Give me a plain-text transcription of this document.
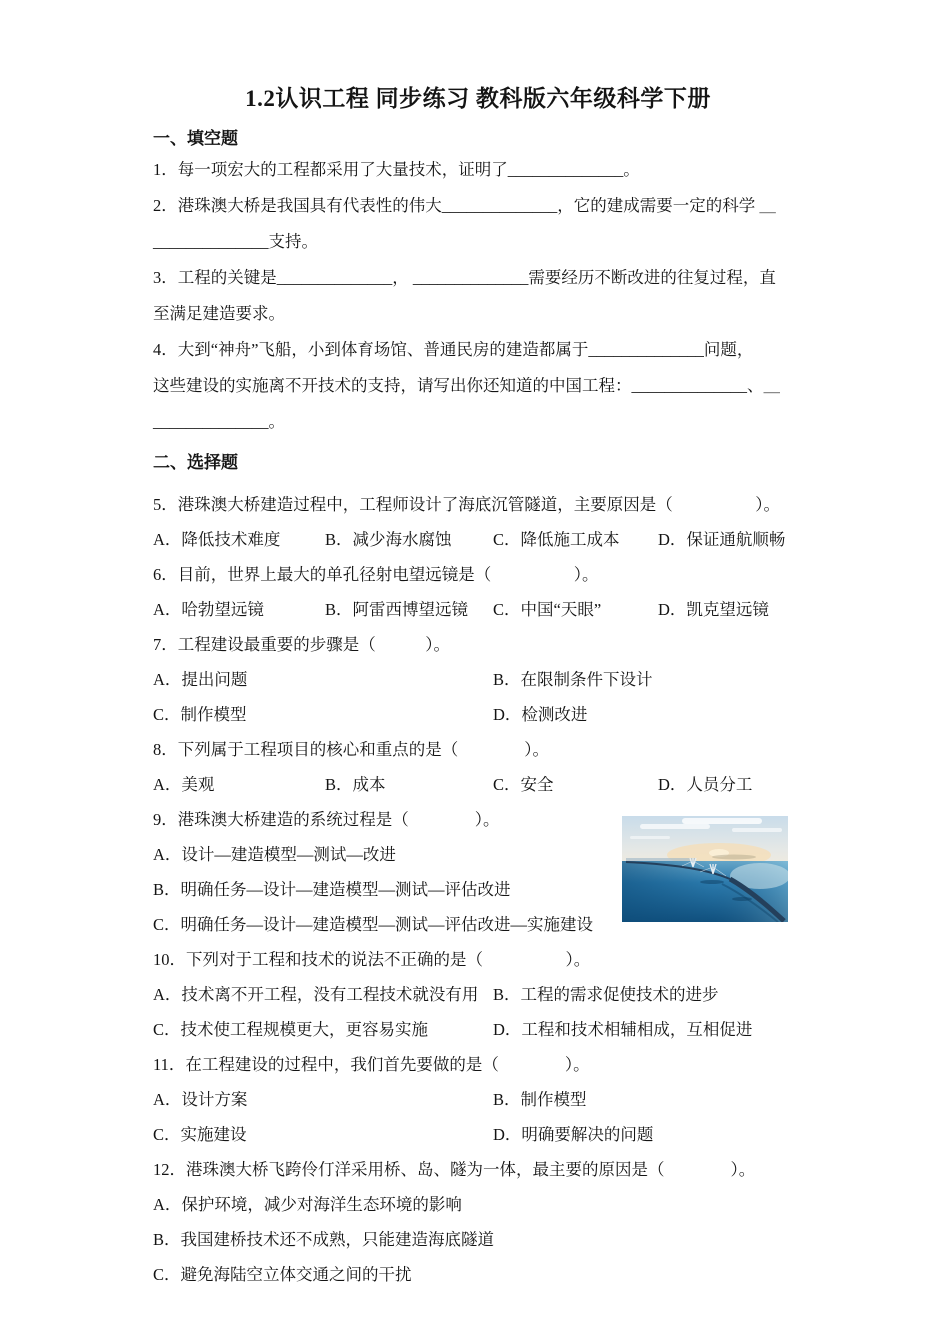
1.2认识工程 同步练习 教科版六年级科学下册
一、填空题
1．每一项宏大的工程都采用了大量技术，证明了______________。
2．港珠澳大桥是我国具有代表性的伟大______________，它的建成需要一定的科学 ＿
______________支持。
3．工程的关键是______________， ______________需要经历不断改进的往复过程，直
至满足建造要求。
4．大到“神舟”飞船，小到体育场馆、普通民房的建造都属于______________问题，
这些建设的实施离不开技术的支持，请写出你还知道的中国工程：______________、＿
______________。
二、选择题
5．港珠澳大桥建造过程中，工程师设计了海底沉管隧道，主要原因是（　　　　　）。
A．降低技术难度	B．减少海水腐蚀	C．降低施工成本	D．保证通航顺畅
6．目前，世界上最大的单孔径射电望远镜是（　　　　　）。
A．哈勃望远镜	B．阿雷西博望远镜	C．中国“天眼”	D．凯克望远镜
7．工程建设最重要的步骤是（　　　）。
A．提出问题	B．在限制条件下设计
C．制作模型	D．检测改进
8．下列属于工程项目的核心和重点的是（　　　　）。
A．美观	B．成本	C．安全	D．人员分工
9．港珠澳大桥建造的系统过程是（　　　　）。
A．设计—建造模型—测试—改进
B．明确任务—设计—建造模型—测试—评估改进
C．明确任务—设计—建造模型—测试—评估改进—实施建设
10．下列对于工程和技术的说法不正确的是（　　　　　）。
A．技术离不开工程，没有工程技术就没有用 B．工程的需求促使技术的进步
C．技术使工程规模更大，更容易实施	D．工程和技术相辅相成，互相促进
11．在工程建设的过程中，我们首先要做的是（　　　　）。
A．设计方案	B．制作模型
C．实施建设	D．明确要解决的问题
12．港珠澳大桥飞跨伶仃洋采用桥、岛、隧为一体，最主要的原因是（　　　　）。
A．保护环境，减少对海洋生态环境的影响
B．我国建桥技术还不成熟，只能建造海底隧道
C．避免海陆空立体交通之间的干扰
